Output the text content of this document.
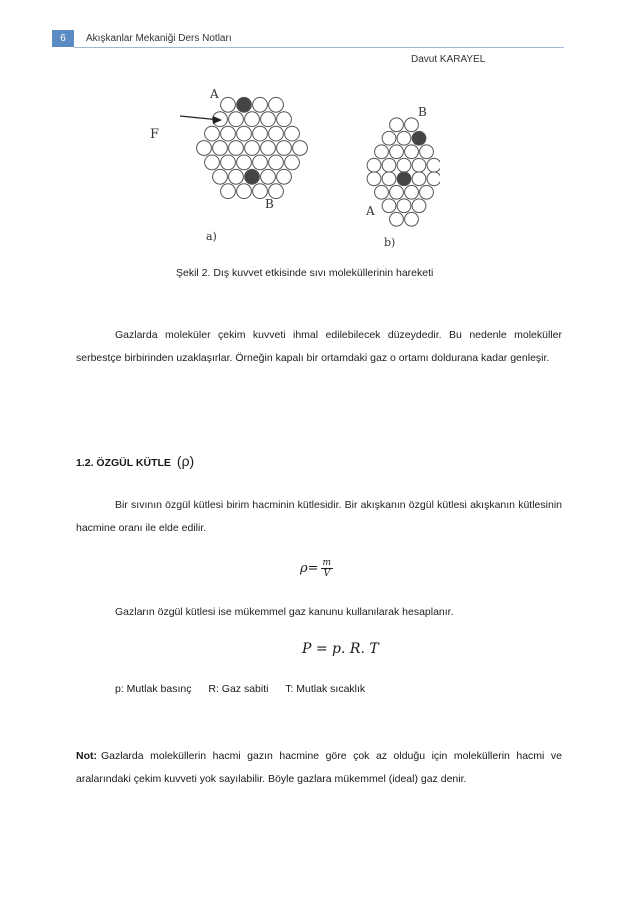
6	Akışkanlar Mekaniği Ders Notları
Davut KARAYEL
F
A
B
B
A
a)	b)
Şekil 2. Dış kuvvet etkisinde sıvı moleküllerinin hareketi
Gazlarda moleküler çekim kuvveti ihmal edilebilecek düzeydedir. Bu nedenle moleküller serbestçe birbirinden uzaklaşırlar. Örneğin kapalı bir ortamdaki gaz o ortamı doldurana kadar genleşir.
1.2. ÖZGÜL KÜTLE (ρ)
Bir sıvının özgül kütlesi birim hacminin kütlesidir. Bir akışkanın özgül kütlesi akışkanın kütlesinin hacmine oranı ile elde edilir.
$\rho= \frac{m}{V}$
Gazların özgül kütlesi ise mükemmel gaz kanunu kullanılarak hesaplanır.
P = p. R. T
p: Mutlak basınç R: Gaz sabiti T: Mutlak sıcaklık
Not: Gazlarda moleküllerin hacmi gazın hacmine göre çok az olduğu için moleküllerin hacmi ve aralarındaki çekim kuvveti yok sayılabilir. Böyle gazlara mükemmel (ideal) gaz denir.
